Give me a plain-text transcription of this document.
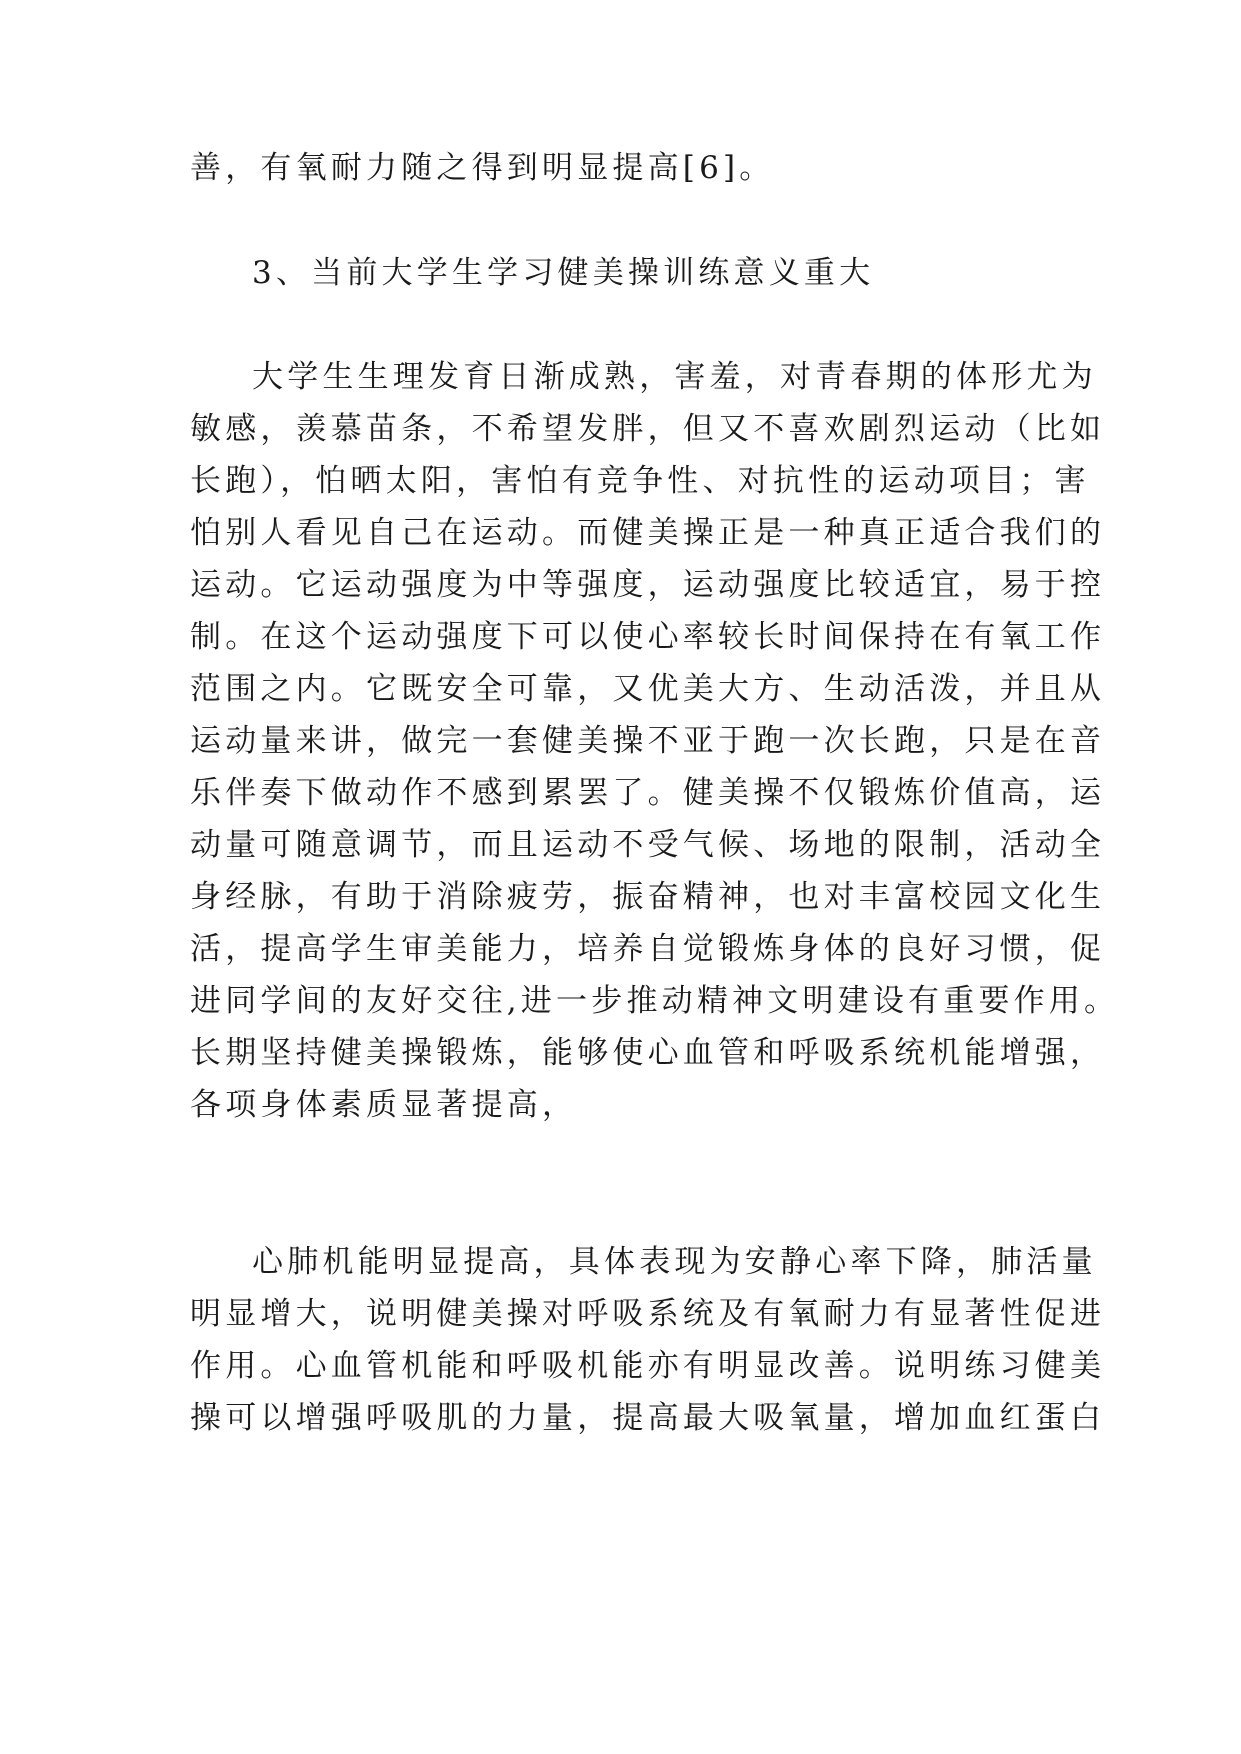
善，有氧耐力随之得到明显提高[6]。
3、当前大学生学习健美操训练意义重大
大学生生理发育日渐成熟，害羞，对青春期的体形尤为
敏感，羡慕苗条，不希望发胖，但又不喜欢剧烈运动（比如
长跑），怕晒太阳，害怕有竞争性、对抗性的运动项目；害
怕别人看见自己在运动。而健美操正是一种真正适合我们的
运动。它运动强度为中等强度，运动强度比较适宜，易于控
制。在这个运动强度下可以使心率较长时间保持在有氧工作
范围之内。它既安全可靠，又优美大方、生动活泼，并且从
运动量来讲，做完一套健美操不亚于跑一次长跑，只是在音
乐伴奏下做动作不感到累罢了。健美操不仅锻炼价值高，运
动量可随意调节，而且运动不受气候、场地的限制，活动全
身经脉，有助于消除疲劳，振奋精神，也对丰富校园文化生
活，提高学生审美能力，培养自觉锻炼身体的良好习惯，促
进同学间的友好交往,进一步推动精神文明建设有重要作用。
长期坚持健美操锻炼，能够使心血管和呼吸系统机能增强，
各项身体素质显著提高，
心肺机能明显提高，具体表现为安静心率下降，肺活量
明显增大，说明健美操对呼吸系统及有氧耐力有显著性促进
作用。心血管机能和呼吸机能亦有明显改善。说明练习健美
操可以增强呼吸肌的力量，提高最大吸氧量，增加血红蛋白
